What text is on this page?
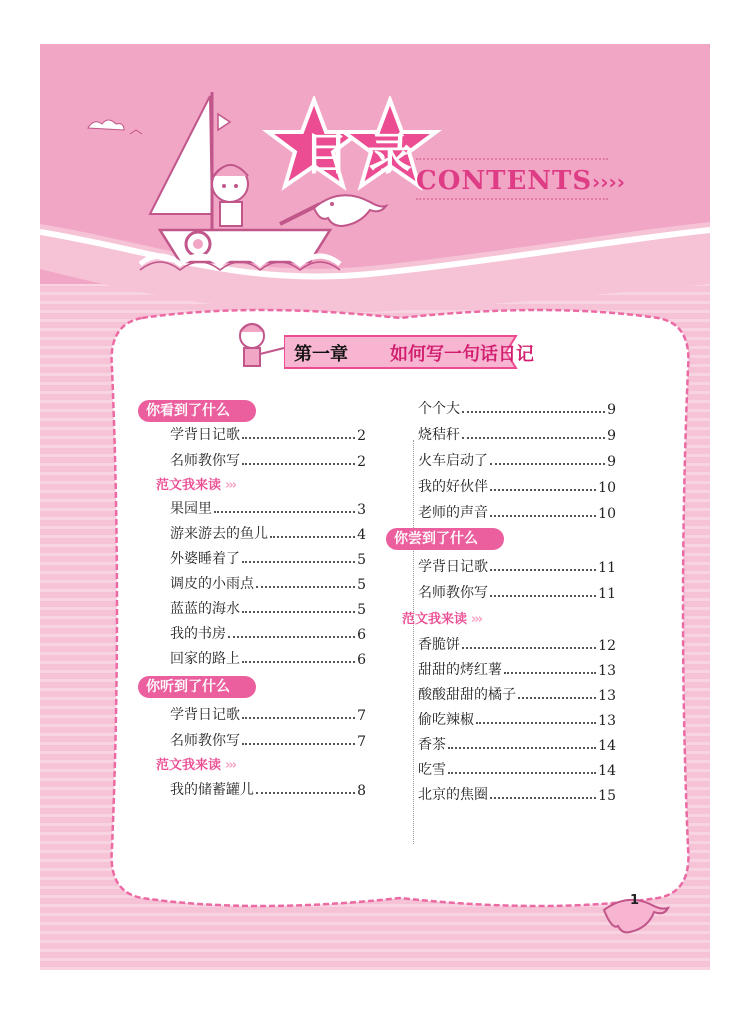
目录
CONTENTS ››››
第一章 如何写一句话日记
你看到了什么
学背日记歌	2
名师教你写	2
范文我来读 ›››
果园里	3
游来游去的鱼儿	4
外婆睡着了	5
调皮的小雨点	5
蓝蓝的海水	5
我的书房	6
回家的路上	6
你听到了什么
学背日记歌	7
名师教你写	7
范文我来读 ›››
我的储蓄罐儿	8
个个大	9
烧秸秆	9
火车启动了	9
我的好伙伴	10
老师的声音	10
你尝到了什么
学背日记歌	11
名师教你写	11
范文我来读 ›››
香脆饼	12
甜甜的烤红薯	13
酸酸甜甜的橘子	13
偷吃辣椒	13
香茶	14
吃雪	14
北京的焦圈	15
1
